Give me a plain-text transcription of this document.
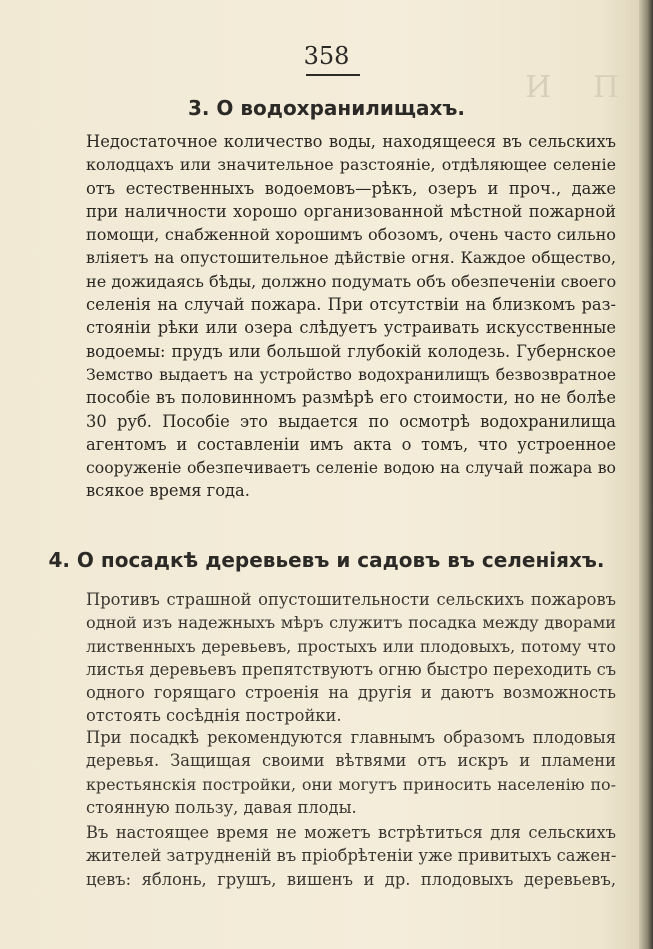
И П
358
3. О водохранилищахъ.
Недостаточное количество воды, находящееся въ сельскихъ
колодцахъ или значительное разстояніе, отдѣляющее селеніе
отъ естественныхъ водоемовъ—рѣкъ, озеръ и проч., даже
при наличности хорошо организованной мѣстной пожарной
помощи, снабженной хорошимъ обозомъ, очень часто сильно
вліяетъ на опустошительное дѣйствіе огня. Каждое общество,
не дожидаясь бѣды, должно подумать объ обезпеченіи своего
селенія на случай пожара. При отсутствіи на близкомъ раз-
стояніи рѣки или озера слѣдуетъ устраивать искусственные
водоемы: прудъ или большой глубокій колодезь. Губернское
Земство выдаетъ на устройство водохранилищъ безвозвратное
пособіе въ половинномъ размѣрѣ его стоимости, но не болѣе
30 руб. Пособіе это выдается по осмотрѣ водохранилища
агентомъ и составленіи имъ акта о томъ, что устроенное
сооруженіе обезпечиваетъ селеніе водою на случай пожара во
всякое время года.
4. О посадкѣ деревьевъ и садовъ въ селеніяхъ.
Противъ страшной опустошительности сельскихъ пожаровъ
одной изъ надежныхъ мѣръ служитъ посадка между дворами
лиственныхъ деревьевъ, простыхъ или плодовыхъ, потому что
листья деревьевъ препятствуютъ огню быстро переходить съ
одного горящаго строенія на другія и даютъ возможность
отстоять сосѣднія постройки.
При посадкѣ рекомендуются главнымъ образомъ плодовыя
деревья. Защищая своими вѣтвями отъ искръ и пламени
крестьянскія постройки, они могутъ приносить населенію по-
стоянную пользу, давая плоды.
Въ настоящее время не можетъ встрѣтиться для сельскихъ
жителей затрудненій въ пріобрѣтеніи уже привитыхъ сажен-
цевъ: яблонь, грушъ, вишенъ и др. плодовыхъ деревьевъ,
